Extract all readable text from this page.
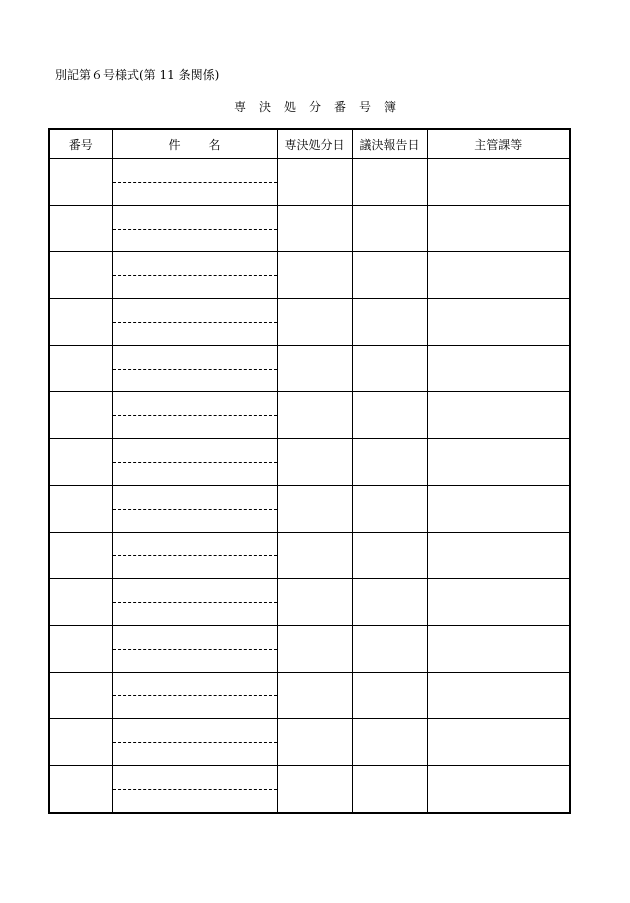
別記第６号様式(第 11 条関係)
専決処分番号簿
番号	件名	専決処分日	議決報告日	主管課等
